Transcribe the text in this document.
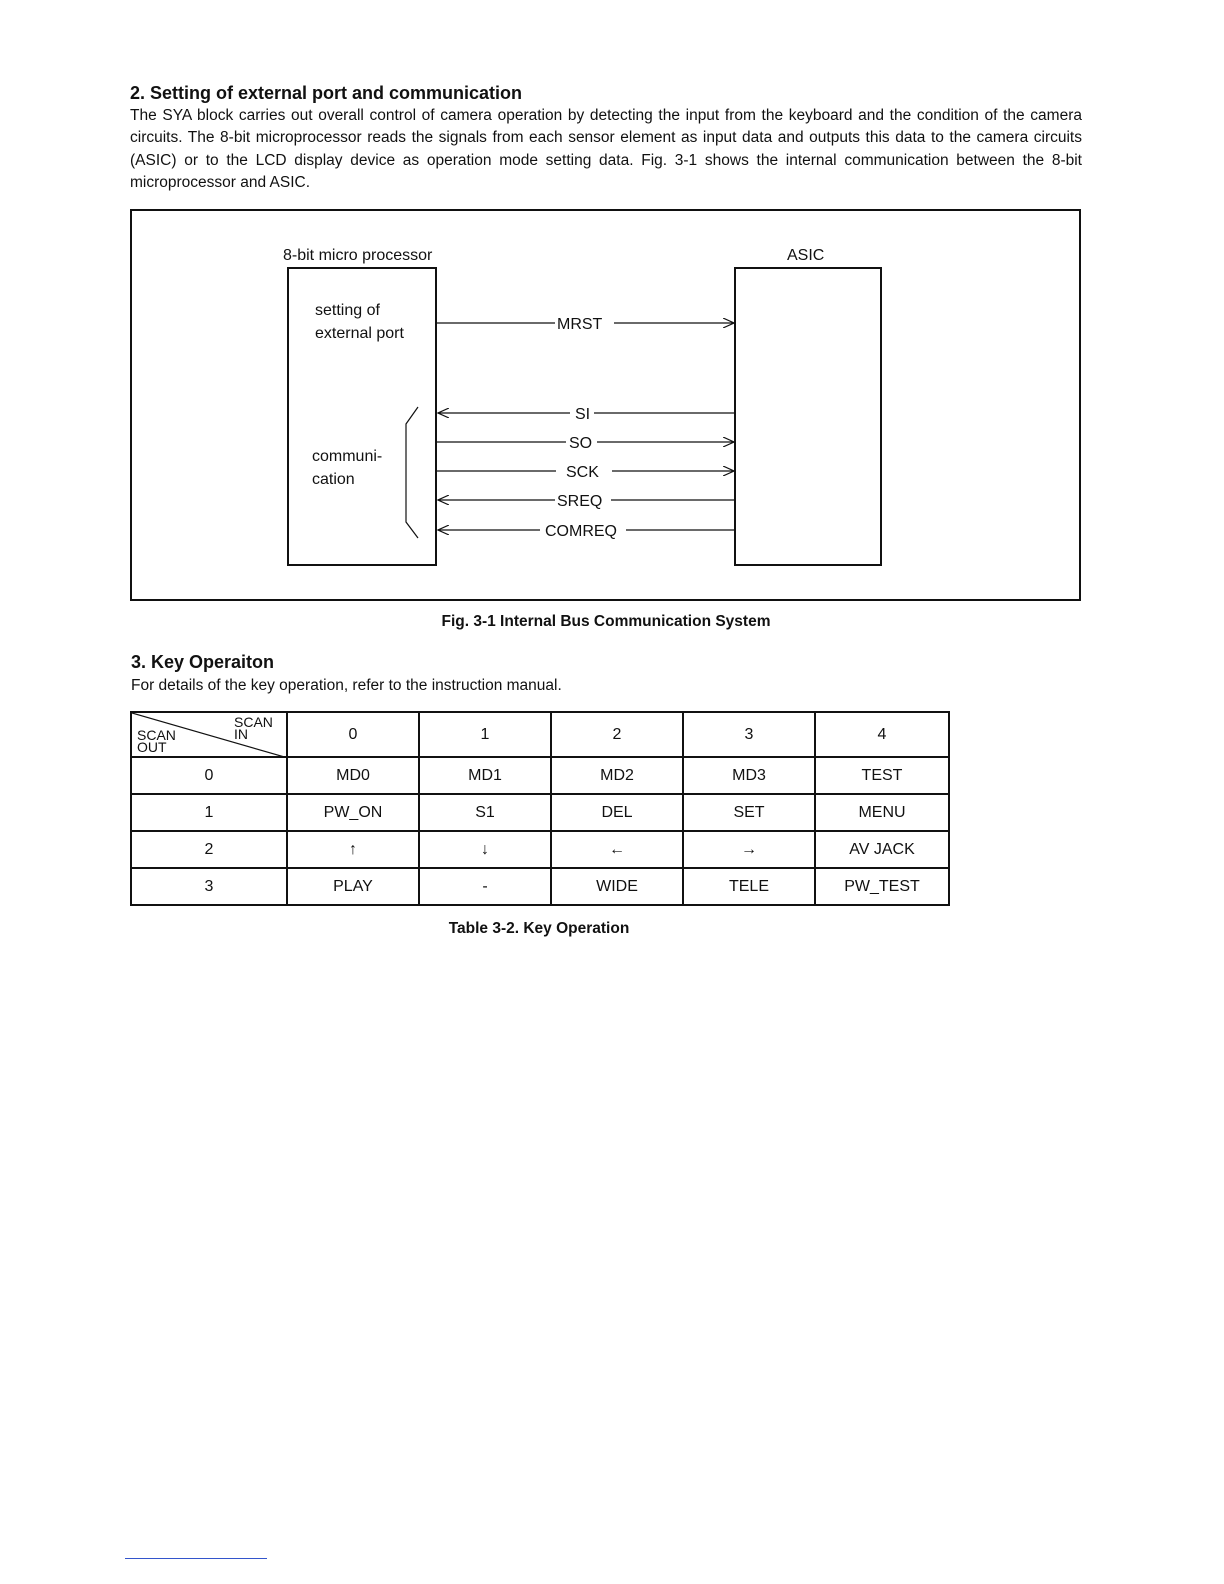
2. Setting of external port and communication

The SYA block carries out overall control of camera operation by detecting the input from the keyboard and the condition of the camera circuits. The 8-bit microprocessor reads the signals from each sensor element as input data and outputs this data to the camera circuits (ASIC) or to the LCD display device as operation mode setting data. Fig. 3-1 shows the internal communication between the 8-bit microprocessor and ASIC.

8-bit micro processor	ASIC
setting of
external port
communi-
cation
MRST
SI
SO
SCK
SREQ
COMREQ
Fig. 3-1 Internal Bus Communication System
3. Key Operaiton

For details of the key operation, refer to the instruction manual.

SCAN IN
SCAN OUT	0	1	2	3	4
0	MD0	MD1	MD2	MD3	TEST
1	PW_ON	S1	DEL	SET	MENU
2	↑	↓	←	→	AV JACK
3	PLAY	-	WIDE	TELE	PW_TEST
Table 3-2. Key Operation
